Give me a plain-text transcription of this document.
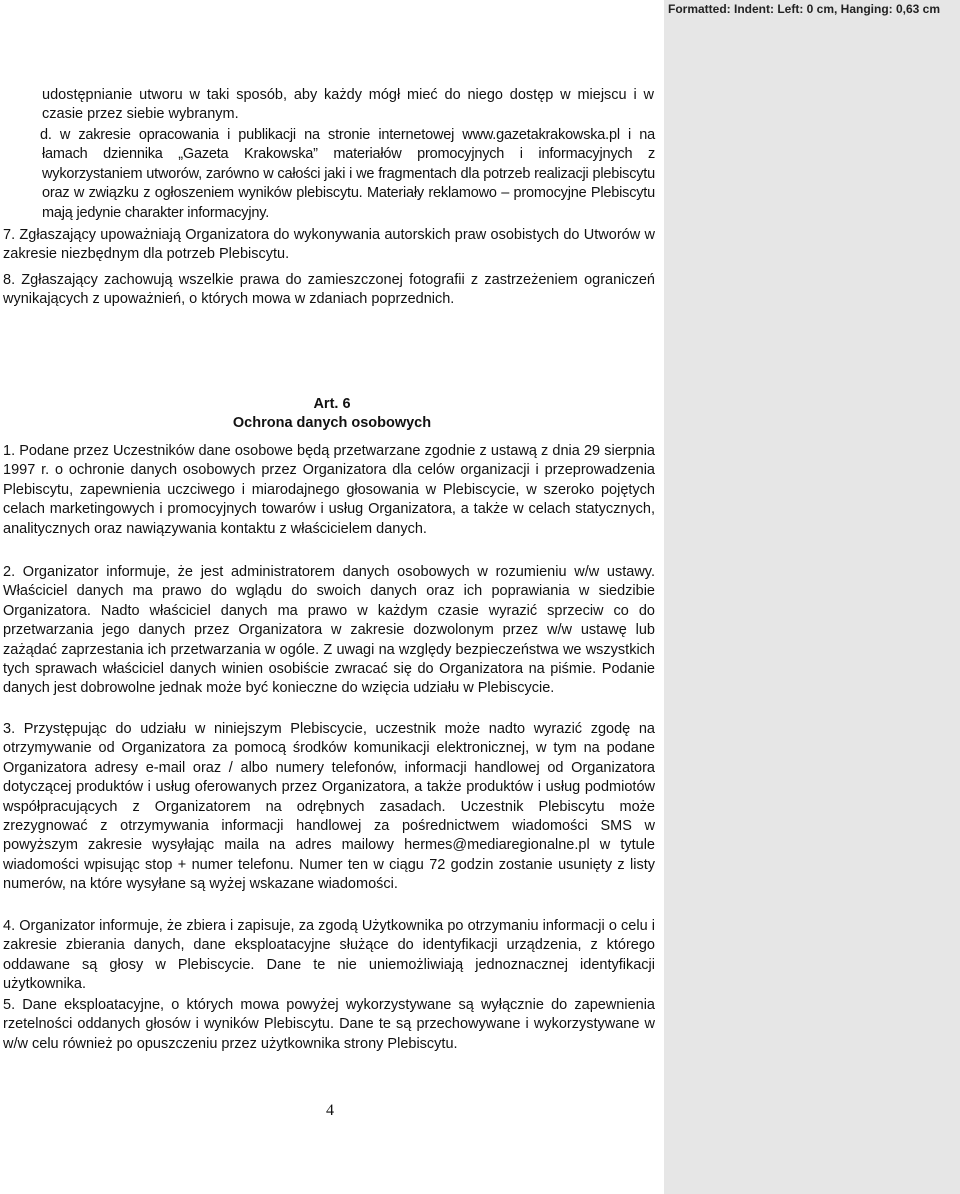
Formatted: Indent: Left: 0 cm, Hanging: 0,63 cm

udostępnianie utworu w taki sposób, aby każdy mógł mieć do niego dostęp w miejscu i w czasie przez siebie wybranym.

d. w zakresie opracowania i publikacji na stronie internetowej www.gazetakrakowska.pl i na łamach dziennika „Gazeta Krakowska” materiałów promocyjnych i informacyjnych z wykorzystaniem utworów, zarówno w całości jaki i we fragmentach dla potrzeb realizacji plebiscytu oraz w związku z ogłoszeniem wyników plebiscytu. Materiały reklamowo – promocyjne Plebiscytu mają jedynie charakter informacyjny.

7. Zgłaszający upoważniają Organizatora do wykonywania autorskich praw osobistych do Utworów w zakresie niezbędnym dla potrzeb Plebiscytu.

8. Zgłaszający zachowują wszelkie prawa do zamieszczonej fotografii z zastrzeżeniem ograniczeń wynikających z upoważnień, o których mowa w zdaniach poprzednich.

Art. 6
Ochrona danych osobowych

1. Podane przez Uczestników dane osobowe będą przetwarzane zgodnie z ustawą z dnia 29 sierpnia 1997 r. o ochronie danych osobowych przez Organizatora dla celów organizacji i przeprowadzenia Plebiscytu, zapewnienia uczciwego i miarodajnego głosowania w Plebiscycie, w szeroko pojętych celach marketingowych i promocyjnych towarów i usług Organizatora, a także w celach statycznych, analitycznych oraz nawiązywania kontaktu z właścicielem danych.

2. Organizator informuje, że jest administratorem danych osobowych w rozumieniu w/w ustawy. Właściciel danych ma prawo do wglądu do swoich danych oraz ich poprawiania w siedzibie Organizatora. Nadto właściciel danych ma prawo w każdym czasie wyrazić sprzeciw co do przetwarzania jego danych przez Organizatora w zakresie dozwolonym przez w/w ustawę lub zażądać zaprzestania ich przetwarzania w ogóle. Z uwagi na względy bezpieczeństwa we wszystkich tych sprawach właściciel danych winien osobiście zwracać się do Organizatora na piśmie. Podanie danych jest dobrowolne jednak może być konieczne do wzięcia udziału w Plebiscycie.

3. Przystępując do udziału w niniejszym Plebiscycie, uczestnik może nadto wyrazić zgodę na otrzymywanie od Organizatora za pomocą środków komunikacji elektronicznej, w tym na podane Organizatora adresy e-mail oraz / albo numery telefonów, informacji handlowej od Organizatora dotyczącej produktów i usług oferowanych przez Organizatora, a także produktów i usług podmiotów współpracujących z Organizatorem na odrębnych zasadach. Uczestnik Plebiscytu może zrezygnować z otrzymywania informacji handlowej za pośrednictwem wiadomości SMS w powyższym zakresie wysyłając maila na adres mailowy hermes@mediaregionalne.pl w tytule wiadomości wpisując stop + numer telefonu. Numer ten w ciągu 72 godzin zostanie usunięty z listy numerów, na które wysyłane są wyżej wskazane wiadomości.

4. Organizator informuje, że zbiera i zapisuje, za zgodą Użytkownika po otrzymaniu informacji o celu i zakresie zbierania danych, dane eksploatacyjne służące do identyfikacji urządzenia, z którego oddawane są głosy w Plebiscycie. Dane te nie uniemożliwiają jednoznacznej identyfikacji użytkownika.

5. Dane eksploatacyjne, o których mowa powyżej wykorzystywane są wyłącznie do zapewnienia rzetelności oddanych głosów i wyników Plebiscytu. Dane te są przechowywane i wykorzystywane w w/w celu również po opuszczeniu przez użytkownika strony Plebiscytu.

4
